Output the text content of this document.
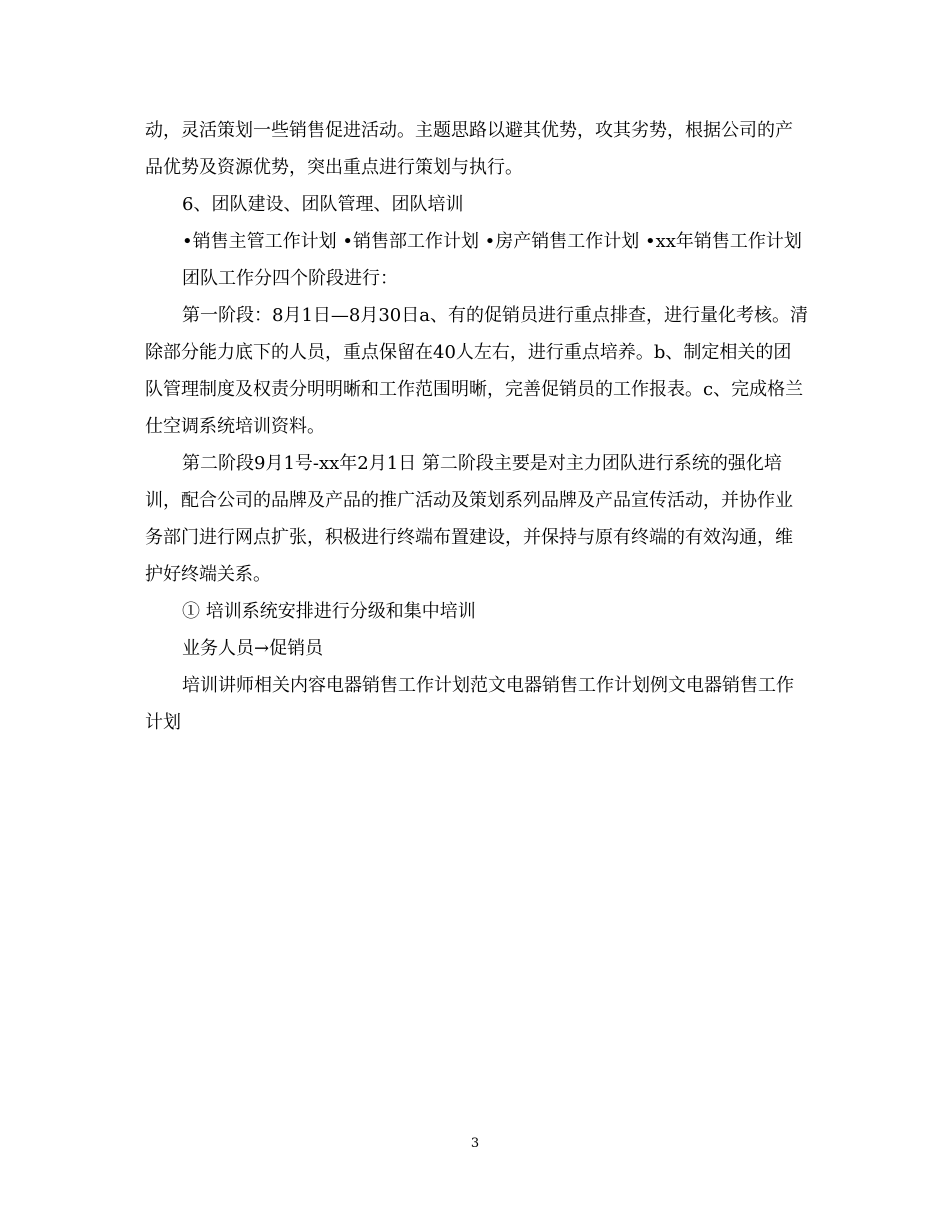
动，灵活策划一些销售促进活动。主题思路以避其优势，攻其劣势，根据公司的产品优势及资源优势，突出重点进行策划与执行。

6、团队建设、团队管理、团队培训

•销售主管工作计划 •销售部工作计划 •房产销售工作计划 •xx年销售工作计划

团队工作分四个阶段进行：

第一阶段：8月1日—8月30日a、有的促销员进行重点排查，进行量化考核。清除部分能力底下的人员，重点保留在40人左右，进行重点培养。b、制定相关的团队管理制度及权责分明明晰和工作范围明晰，完善促销员的工作报表。c、完成格兰仕空调系统培训资料。

第二阶段9月1号-xx年2月1日 第二阶段主要是对主力团队进行系统的强化培训，配合公司的品牌及产品的推广活动及策划系列品牌及产品宣传活动，并协作业务部门进行网点扩张，积极进行终端布置建设，并保持与原有终端的有效沟通，维护好终端关系。

① 培训系统安排进行分级和集中培训

业务人员→促销员

培训讲师相关内容电器销售工作计划范文电器销售工作计划例文电器销售工作计划

3
